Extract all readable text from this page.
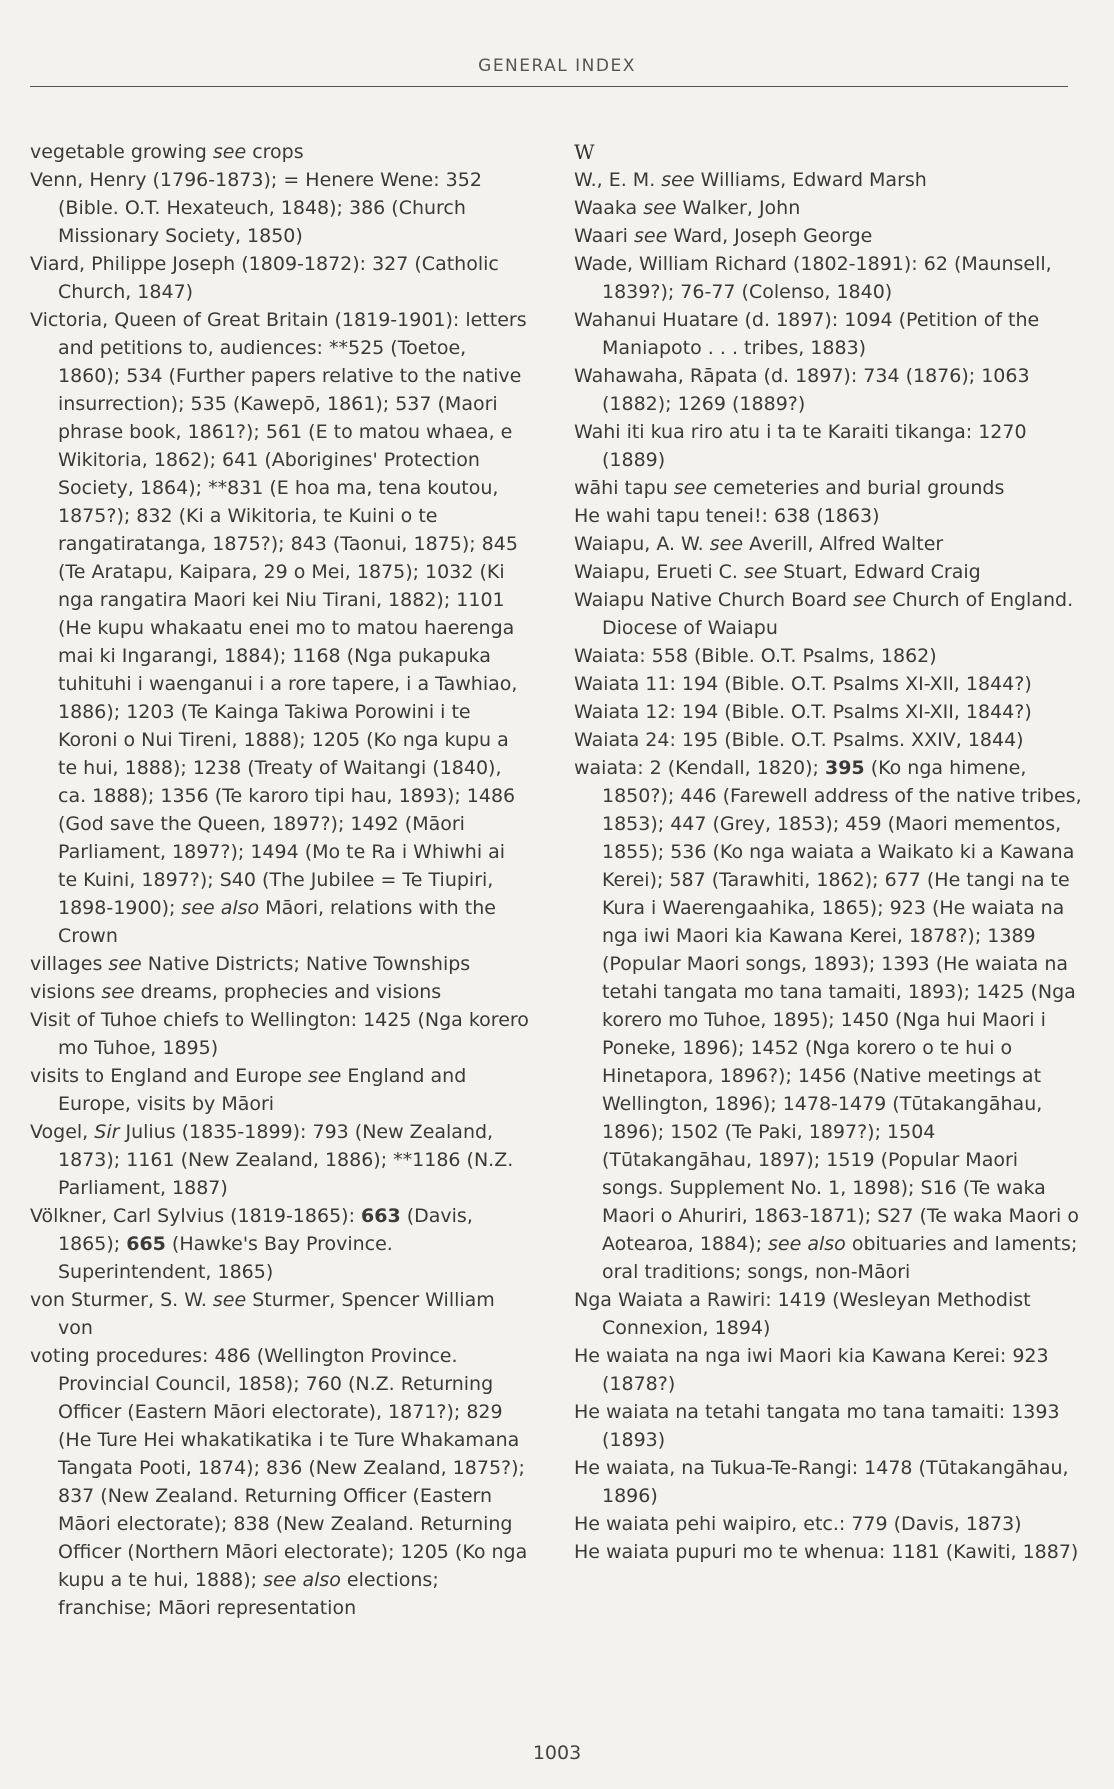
GENERAL INDEX

vegetable growing see crops

Venn, Henry (1796-1873); = Henere Wene: 352 (Bible. O.T. Hexateuch, 1848); 386 (Church Missionary Society, 1850)

Viard, Philippe Joseph (1809-1872): 327 (Catholic Church, 1847)

Victoria, Queen of Great Britain (1819-1901): letters and petitions to, audiences: **525 (Toetoe, 1860); 534 (Further papers relative to the native insurrection); 535 (Kawepō, 1861); 537 (Maori phrase book, 1861?); 561 (E to matou whaea, e Wikitoria, 1862); 641 (Aborigines' Protection Society, 1864); **831 (E hoa ma, tena koutou, 1875?); 832 (Ki a Wikitoria, te Kuini o te rangatiratanga, 1875?); 843 (Taonui, 1875); 845 (Te Aratapu, Kaipara, 29 o Mei, 1875); 1032 (Ki nga rangatira Maori kei Niu Tirani, 1882); 1101 (He kupu whakaatu enei mo to matou haerenga mai ki Ingarangi, 1884); 1168 (Nga pukapuka tuhituhi i waenganui i a rore tapere, i a Tawhiao, 1886); 1203 (Te Kainga Takiwa Porowini i te Koroni o Nui Tireni, 1888); 1205 (Ko nga kupu a te hui, 1888); 1238 (Treaty of Waitangi (1840), ca. 1888); 1356 (Te karoro tipi hau, 1893); 1486 (God save the Queen, 1897?); 1492 (Māori Parliament, 1897?); 1494 (Mo te Ra i Whiwhi ai te Kuini, 1897?); S40 (The Jubilee = Te Tiupiri, 1898-1900); see also Māori, relations with the Crown

villages see Native Districts; Native Townships

visions see dreams, prophecies and visions

Visit of Tuhoe chiefs to Wellington: 1425 (Nga korero mo Tuhoe, 1895)

visits to England and Europe see England and Europe, visits by Māori

Vogel, Sir Julius (1835-1899): 793 (New Zealand, 1873); 1161 (New Zealand, 1886); **1186 (N.Z. Parliament, 1887)

Völkner, Carl Sylvius (1819-1865): 663 (Davis, 1865); 665 (Hawke's Bay Province. Superintendent, 1865)

von Sturmer, S. W. see Sturmer, Spencer William von

voting procedures: 486 (Wellington Province. Provincial Council, 1858); 760 (N.Z. Returning Officer (Eastern Māori electorate), 1871?); 829 (He Ture Hei whakatikatika i te Ture Whakamana Tangata Pooti, 1874); 836 (New Zealand, 1875?); 837 (New Zealand. Returning Officer (Eastern Māori electorate); 838 (New Zealand. Returning Officer (Northern Māori electorate); 1205 (Ko nga kupu a te hui, 1888); see also elections; franchise; Māori representation

W

W., E. M. see Williams, Edward Marsh

Waaka see Walker, John

Waari see Ward, Joseph George

Wade, William Richard (1802-1891): 62 (Maunsell, 1839?); 76-77 (Colenso, 1840)

Wahanui Huatare (d. 1897): 1094 (Petition of the Maniapoto . . . tribes, 1883)

Wahawaha, Rāpata (d. 1897): 734 (1876); 1063 (1882); 1269 (1889?)

Wahi iti kua riro atu i ta te Karaiti tikanga: 1270 (1889)

wāhi tapu see cemeteries and burial grounds

He wahi tapu tenei!: 638 (1863)

Waiapu, A. W. see Averill, Alfred Walter

Waiapu, Erueti C. see Stuart, Edward Craig

Waiapu Native Church Board see Church of England. Diocese of Waiapu

Waiata: 558 (Bible. O.T. Psalms, 1862)

Waiata 11: 194 (Bible. O.T. Psalms XI-XII, 1844?)

Waiata 12: 194 (Bible. O.T. Psalms XI-XII, 1844?)

Waiata 24: 195 (Bible. O.T. Psalms. XXIV, 1844)

waiata: 2 (Kendall, 1820); 395 (Ko nga himene, 1850?); 446 (Farewell address of the native tribes, 1853); 447 (Grey, 1853); 459 (Maori mementos, 1855); 536 (Ko nga waiata a Waikato ki a Kawana Kerei); 587 (Tarawhiti, 1862); 677 (He tangi na te Kura i Waerengaahika, 1865); 923 (He waiata na nga iwi Maori kia Kawana Kerei, 1878?); 1389 (Popular Maori songs, 1893); 1393 (He waiata na tetahi tangata mo tana tamaiti, 1893); 1425 (Nga korero mo Tuhoe, 1895); 1450 (Nga hui Maori i Poneke, 1896); 1452 (Nga korero o te hui o Hinetapora, 1896?); 1456 (Native meetings at Wellington, 1896); 1478-1479 (Tūtakangāhau, 1896); 1502 (Te Paki, 1897?); 1504 (Tūtakangāhau, 1897); 1519 (Popular Maori songs. Supplement No. 1, 1898); S16 (Te waka Maori o Ahuriri, 1863-1871); S27 (Te waka Maori o Aotearoa, 1884); see also obituaries and laments; oral traditions; songs, non-Māori

Nga Waiata a Rawiri: 1419 (Wesleyan Methodist Connexion, 1894)

He waiata na nga iwi Maori kia Kawana Kerei: 923 (1878?)

He waiata na tetahi tangata mo tana tamaiti: 1393 (1893)

He waiata, na Tukua-Te-Rangi: 1478 (Tūtakangāhau, 1896)

He waiata pehi waipiro, etc.: 779 (Davis, 1873)

He waiata pupuri mo te whenua: 1181 (Kawiti, 1887)

1003
